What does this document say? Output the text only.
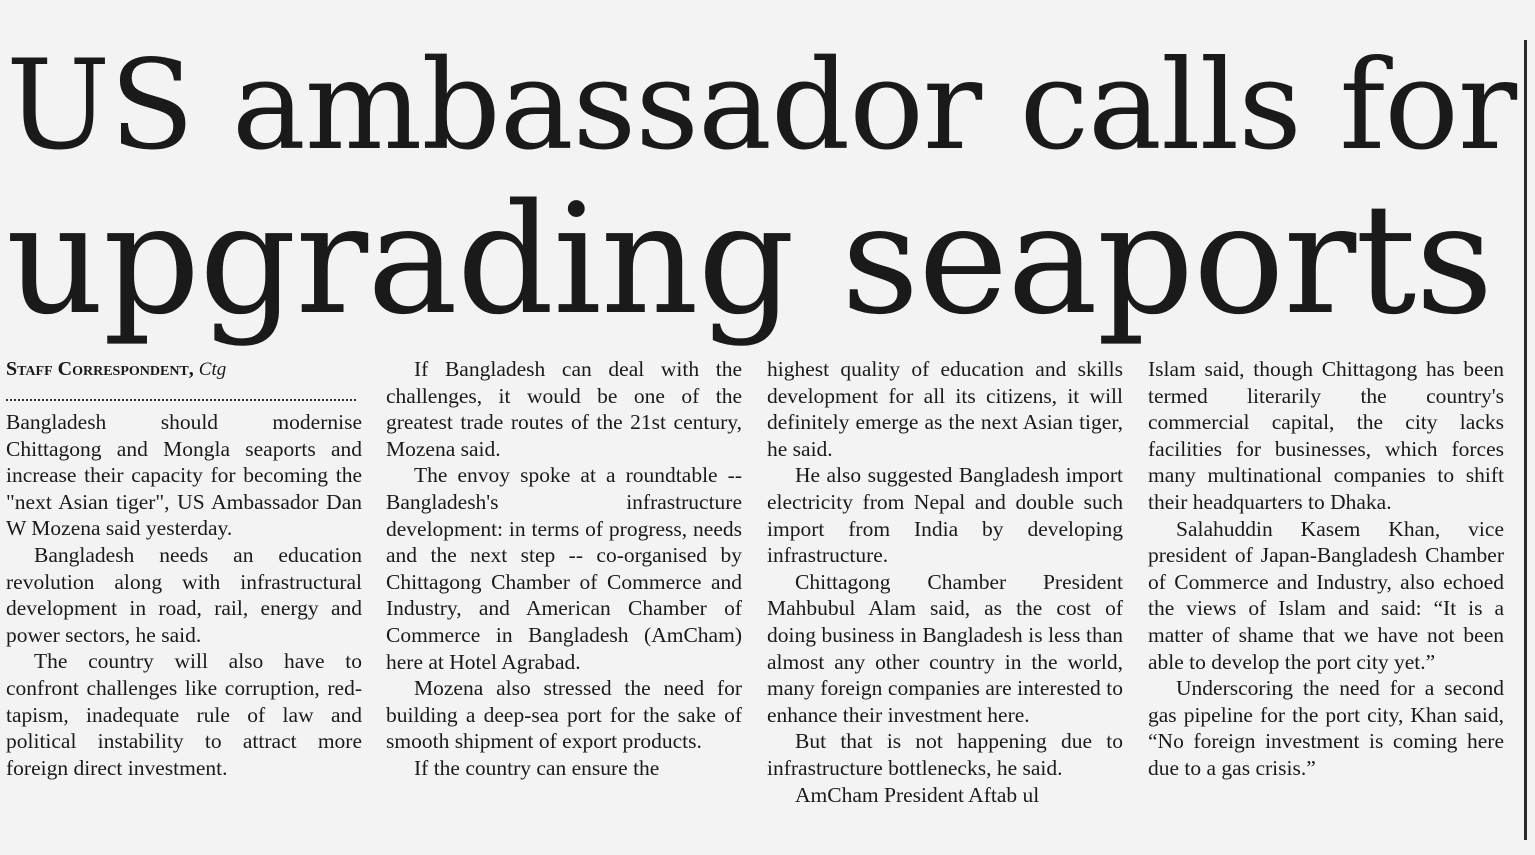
US ambassador calls for
upgrading seaports
Staff Correspondent, Ctg

Bangladesh should modernise Chittagong and Mongla seaports and increase their capacity for becoming the "next Asian tiger", US Ambassador Dan W Mozena said yesterday.

Bangladesh needs an education revolution along with infrastructural development in road, rail, energy and power sectors, he said.

The country will also have to confront challenges like corruption, red-tapism, inadequate rule of law and political instability to attract more foreign direct investment.

If Bangladesh can deal with the challenges, it would be one of the greatest trade routes of the 21st century, Mozena said.

The envoy spoke at a roundtable -- Bangladesh's infrastructure development: in terms of progress, needs and the next step -- co-organised by Chittagong Chamber of Commerce and Industry, and American Chamber of Commerce in Bangladesh (AmCham) here at Hotel Agrabad.

Mozena also stressed the need for building a deep-sea port for the sake of smooth shipment of export products.

If the country can ensure the

highest quality of education and skills development for all its citizens, it will definitely emerge as the next Asian tiger, he said.

He also suggested Bangladesh import electricity from Nepal and double such import from India by developing infrastructure.

Chittagong Chamber President Mahbubul Alam said, as the cost of doing business in Bangladesh is less than almost any other country in the world, many foreign companies are interested to enhance their investment here.

But that is not happening due to infrastructure bottlenecks, he said.

AmCham President Aftab ul

Islam said, though Chittagong has been termed literarily the country's commercial capital, the city lacks facilities for businesses, which forces many multinational companies to shift their headquarters to Dhaka.

Salahuddin Kasem Khan, vice president of Japan-Bangladesh Chamber of Commerce and Industry, also echoed the views of Islam and said: “It is a matter of shame that we have not been able to develop the port city yet.”

Underscoring the need for a second gas pipeline for the port city, Khan said, “No foreign investment is coming here due to a gas crisis.”
